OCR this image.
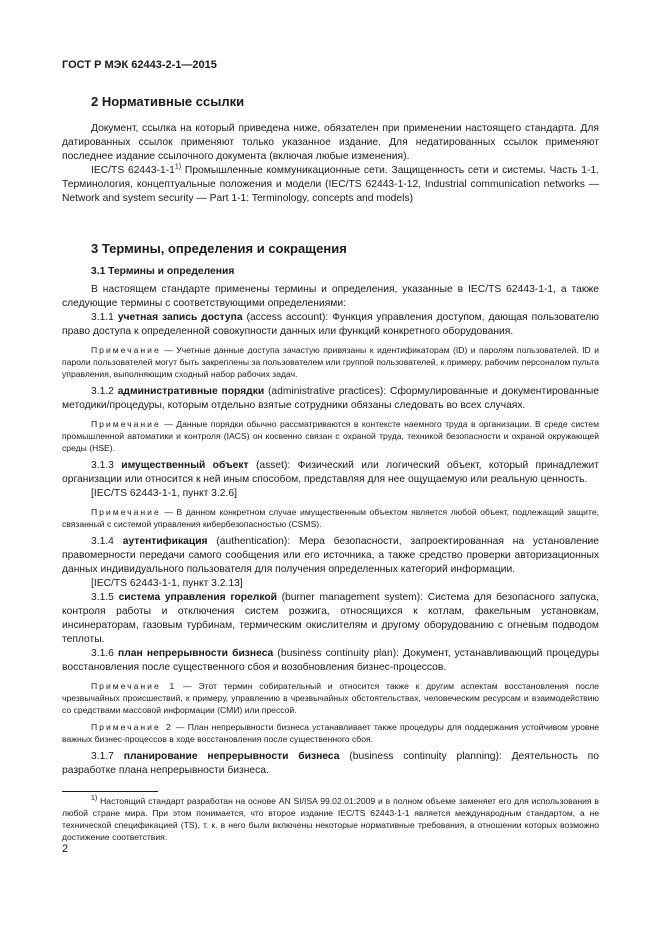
ГОСТ Р МЭК 62443-2-1—2015
2 Нормативные ссылки

Документ, ссылка на который приведена ниже, обязателен при применении настоящего стандарта. Для датированных ссылок применяют только указанное издание. Для недатированных ссылок применяют последнее издание ссылочного документа (включая любые изменения).

IEC/TS 62443-1-1$^{1)}$ Промышленные коммуникационные сети. Защищенность сети и системы. Часть 1-1. Терминология, концептуальные положения и модели (IEC/TS 62443-1-12, Industrial communication networks — Network and system security — Part 1-1: Terminology, concepts and models)

3 Термины, определения и сокращения
3.1 Термины и определения

В настоящем стандарте применены термины и определения, указанные в IEC/TS 62443-1-1, а также следующие термины с соответствующими определениями:

3.1.1 учетная запись доступа (access account): Функция управления доступом, дающая пользователю право доступа к определенной совокупности данных или функций конкретного оборудования.

Примечание — Учетные данные доступа зачастую привязаны к идентификаторам (ID) и паролям пользователей. ID и пароли пользователей могут быть закреплены за пользователем или группой пользователей, к примеру, рабочим персоналом пульта управления, выполняющим сходный набор рабочих задач.

3.1.2 административные порядки (administrative practices): Сформулированные и документированные методики/процедуры, которым отдельно взятые сотрудники обязаны следовать во всех случаях.

Примечание — Данные порядки обычно рассматриваются в контексте наемного труда в организации. В среде систем промышленной автоматики и контроля (IACS) он косвенно связан с охраной труда, техникой безопасности и охраной окружающей среды (HSE).

3.1.3 имущественный объект (asset): Физический или логический объект, который принадлежит организации или относится к ней иным способом, представляя для нее ощущаемую или реальную ценность.

[IEC/TS 62443-1-1, пункт 3.2.6]

Примечание — В данном конкретном случае имущественным объектом является любой объект, подлежащий защите, связанный с системой управления кибербезопасностью (CSMS).

3.1.4 аутентификация (authentication): Мера безопасности, запроектированная на установление правомерности передачи самого сообщения или его источника, а также средство проверки авторизационных данных индивидуального пользователя для получения определенных категорий информации.

[IEC/TS 62443-1-1, пункт 3.2.13]

3.1.5 система управления горелкой (burner management system): Система для безопасного запуска, контроля работы и отключения систем розжига, относящихся к котлам, факельным установкам, инсинераторам, газовым турбинам, термическим окислителям и другому оборудованию с огневым подводом теплоты.

3.1.6 план непрерывности бизнеса (business continuity plan): Документ, устанавливающий процедуры восстановления после существенного сбоя и возобновления бизнес-процессов.

Примечание 1 — Этот термин собирательный и относится также к другим аспектам восстановления после чрезвычайных происшествий, к примеру, управлению в чрезвычайных обстоятельствах, человеческим ресурсам и взаимодействию со средствами массовой информации (СМИ) или прессой.

Примечание 2 — План непрерывности бизнеса устанавливает также процедуры для поддержания устойчивом уровне важных бизнес-процессов в ходе восстановления после существенного сбоя.

3.1.7 планирование непрерывности бизнеса (business continuity planning): Деятельность по разработке плана непрерывности бизнеса.

$^{1)}$ Настоящий стандарт разработан на основе AN SI/ISA 99.02.01:2009 и в полном объеме заменяет его для использования в любой стране мира. При этом понимается, что второе издание IEC/TS 62443-1-1 является международным стандартом, а не технической спецификацией (TS), т. к. в него были включены некоторые нормативные требования, в отношении которых возможно достижение соответствия.

2
